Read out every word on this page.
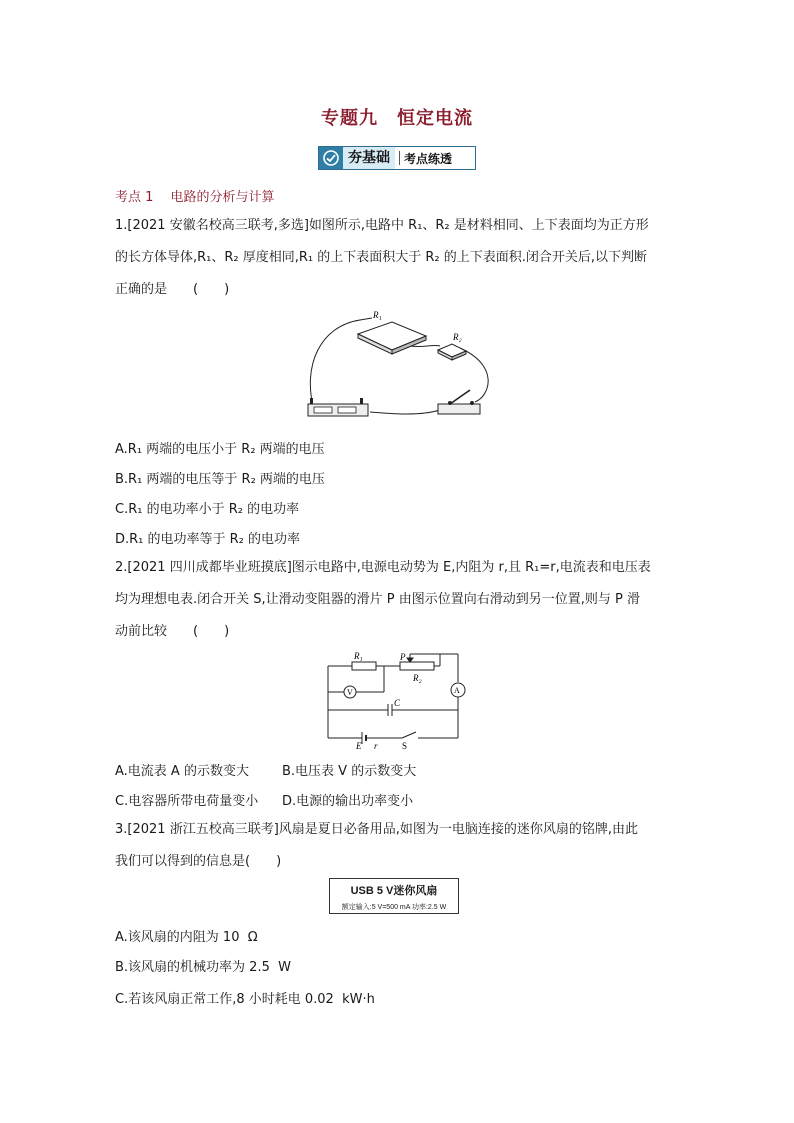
专题九　恒定电流
夯基础	考点练透
考点 1　 电路的分析与计算
1.[2021 安徽名校高三联考,多选]如图所示,电路中 R₁、R₂ 是材料相同、上下表面均为正方形
的长方体导体,R₁、R₂ 厚度相同,R₁ 的上下表面积大于 R₂ 的上下表面积.闭合开关后,以下判断
正确的是　　(　　)
R₁
R₂
A.R₁ 两端的电压小于 R₂ 两端的电压
B.R₁ 两端的电压等于 R₂ 两端的电压
C.R₁ 的电功率小于 R₂ 的电功率
D.R₁ 的电功率等于 R₂ 的电功率
2.[2021 四川成都毕业班摸底]图示电路中,电源电动势为 E,内阻为 r,且 R₁=r,电流表和电压表
均为理想电表.闭合开关 S,让滑动变阻器的滑片 P 由图示位置向右滑动到另一位置,则与 P 滑
动前比较　　(　　)
R₁	P
R₂
V	A
C
E r	S
A.电流表 A 的示数变大	B.电压表 V 的示数变大
C.电容器所带电荷量变小 D.电源的输出功率变小
3.[2021 浙江五校高三联考]风扇是夏日必备用品,如图为一电脑连接的迷你风扇的铭牌,由此
我们可以得到的信息是(　　)
USB 5 V迷你风扇
额定输入:5 V=500 mA 功率:2.5 W
A.该风扇的内阻为 10  Ω
B.该风扇的机械功率为 2.5  W
C.若该风扇正常工作,8 小时耗电 0.02  kW·h
